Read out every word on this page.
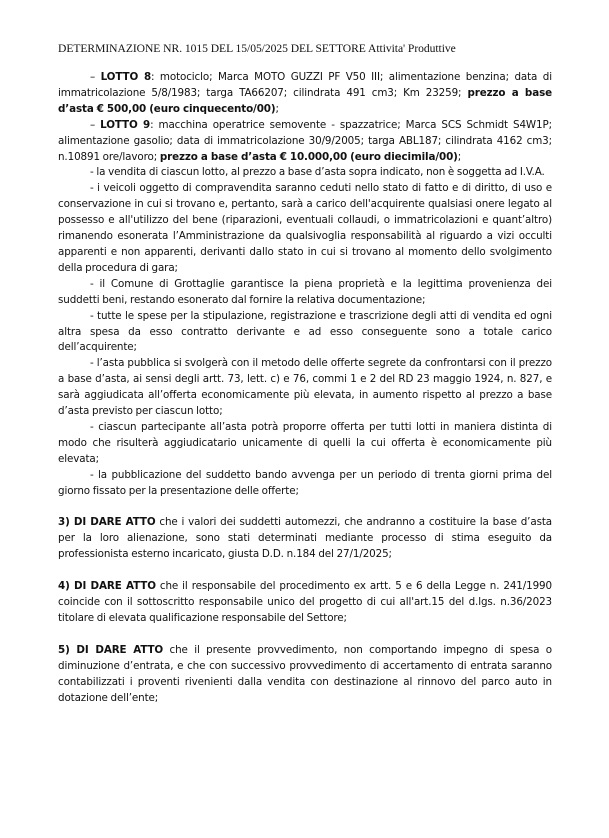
DETERMINAZIONE NR. 1015 DEL 15/05/2025 DEL SETTORE Attivita' Produttive

– LOTTO 8: motociclo; Marca MOTO GUZZI PF V50 III; alimentazione benzina; data di immatricolazione 5/8/1983; targa TA66207; cilindrata 491 cm3; Km 23259; prezzo a base d’asta € 500,00 (euro cinquecento/00);

– LOTTO 9: macchina operatrice semovente - spazzatrice; Marca SCS Schmidt S4W1P; alimentazione gasolio; data di immatricolazione 30/9/2005; targa ABL187; cilindrata 4162 cm3; n.10891 ore/lavoro; prezzo a base d’asta € 10.000,00 (euro diecimila/00);

- la vendita di ciascun lotto, al prezzo a base d’asta sopra indicato, non è soggetta ad I.V.A.

- i veicoli oggetto di compravendita saranno ceduti nello stato di fatto e di diritto, di uso e conservazione in cui si trovano e, pertanto, sarà a carico dell'acquirente qualsiasi onere legato al possesso e all'utilizzo del bene (riparazioni, eventuali collaudi, o immatricolazioni e quant’altro) rimanendo esonerata l’Amministrazione da qualsivoglia responsabilità al riguardo a vizi occulti apparenti e non apparenti, derivanti dallo stato in cui si trovano al momento dello svolgimento della procedura di gara;

- il Comune di Grottaglie garantisce la piena proprietà e la legittima provenienza dei suddetti beni, restando esonerato dal fornire la relativa documentazione;

- tutte le spese per la stipulazione, registrazione e trascrizione degli atti di vendita ed ogni altra spesa da esso contratto derivante e ad esso conseguente sono a totale carico dell’acquirente;

- l’asta pubblica si svolgerà con il metodo delle offerte segrete da confrontarsi con il prezzo a base d’asta, ai sensi degli artt. 73, lett. c) e 76, commi 1 e 2 del RD 23 maggio 1924, n. 827, e sarà aggiudicata all’offerta economicamente più elevata, in aumento rispetto al prezzo a base d’asta previsto per ciascun lotto;

- ciascun partecipante all’asta potrà proporre offerta per tutti lotti in maniera distinta di modo che risulterà aggiudicatario unicamente di quelli la cui offerta è economicamente più elevata;

- la pubblicazione del suddetto bando avvenga per un periodo di trenta giorni prima del giorno fissato per la presentazione delle offerte;

3) DI DARE ATTO che i valori dei suddetti automezzi, che andranno a costituire la base d’asta per la loro alienazione, sono stati determinati mediante processo di stima eseguito da professionista esterno incaricato, giusta D.D. n.184 del 27/1/2025;

4) DI DARE ATTO che il responsabile del procedimento ex artt. 5 e 6 della Legge n. 241/1990 coincide con il sottoscritto responsabile unico del progetto di cui all'art.15 del d.lgs. n.36/2023 titolare di elevata qualificazione responsabile del Settore;

5) DI DARE ATTO che il presente provvedimento, non comportando impegno di spesa o diminuzione d’entrata, e che con successivo provvedimento di accertamento di entrata saranno contabilizzati i proventi rivenienti dalla vendita con destinazione al rinnovo del parco auto in dotazione dell’ente;
